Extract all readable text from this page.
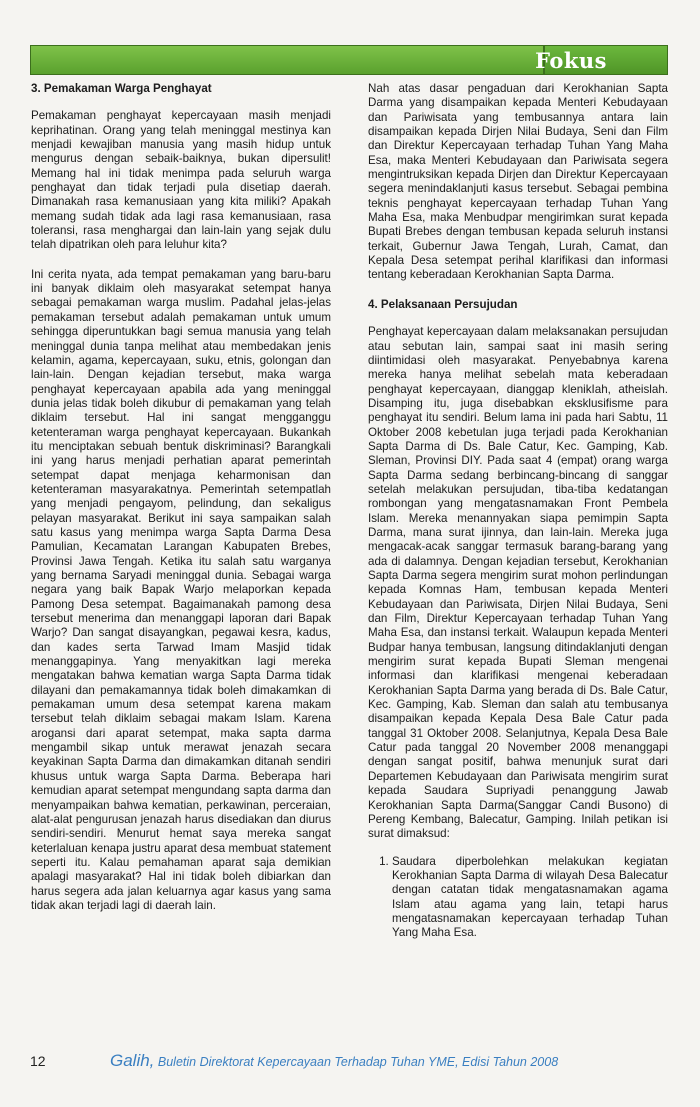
Fokus
3. Pemakaman Warga Penghayat

Pemakaman penghayat kepercayaan masih menjadi keprihatinan. Orang yang telah meninggal mestinya kan menjadi kewajiban manusia yang masih hidup untuk mengurus dengan sebaik-baiknya, bukan dipersulit! Memang hal ini tidak menimpa pada seluruh warga penghayat dan tidak terjadi pula disetiap daerah. Dimanakah rasa kemanusiaan yang kita miliki? Apakah memang sudah tidak ada lagi rasa kemanusiaan, rasa toleransi, rasa menghargai dan lain-lain yang sejak dulu telah dipatrikan oleh para leluhur kita?

Ini cerita nyata, ada tempat pemakaman yang baru-baru ini banyak diklaim oleh masyarakat setempat hanya sebagai pemakaman warga muslim. Padahal jelas-jelas pemakaman tersebut adalah pemakaman untuk umum sehingga diperuntukkan bagi semua manusia yang telah meninggal dunia tanpa melihat atau membedakan jenis kelamin, agama, kepercayaan, suku, etnis, golongan dan lain-lain. Dengan kejadian tersebut, maka warga penghayat kepercayaan apabila ada yang meninggal dunia jelas tidak boleh dikubur di pemakaman yang telah diklaim tersebut. Hal ini sangat mengganggu ketenteraman warga penghayat kepercayaan. Bukankah itu menciptakan sebuah bentuk diskriminasi? Barangkali ini yang harus menjadi perhatian aparat pemerintah setempat dapat menjaga keharmonisan dan ketenteraman masyarakatnya. Pemerintah setempatlah yang menjadi pengayom, pelindung, dan sekaligus pelayan masyarakat. Berikut ini saya sampaikan salah satu kasus yang menimpa warga Sapta Darma Desa Pamulian, Kecamatan Larangan Kabupaten Brebes, Provinsi Jawa Tengah. Ketika itu salah satu warganya yang bernama Saryadi meninggal dunia. Sebagai warga negara yang baik Bapak Warjo melaporkan kepada Pamong Desa setempat. Bagaimanakah pamong desa tersebut menerima dan menanggapi laporan dari Bapak Warjo? Dan sangat disayangkan, pegawai kesra, kadus, dan kades serta Tarwad Imam Masjid tidak menanggapinya. Yang menyakitkan lagi mereka mengatakan bahwa kematian warga Sapta Darma tidak dilayani dan pemakamannya tidak boleh dimakamkan di pemakaman umum desa setempat karena makam tersebut telah diklaim sebagai makam Islam. Karena arogansi dari aparat setempat, maka sapta darma mengambil sikap untuk merawat jenazah secara keyakinan Sapta Darma dan dimakamkan ditanah sendiri khusus untuk warga Sapta Darma. Beberapa hari kemudian aparat setempat mengundang sapta darma dan menyampaikan bahwa kematian, perkawinan, perceraian, alat-alat pengurusan jenazah harus disediakan dan diurus sendiri-sendiri. Menurut hemat saya mereka sangat keterlaluan kenapa justru aparat desa membuat statement seperti itu. Kalau pemahaman aparat saja demikian apalagi masyarakat? Hal ini tidak boleh dibiarkan dan harus segera ada jalan keluarnya agar kasus yang sama tidak akan terjadi lagi di daerah lain.

Nah atas dasar pengaduan dari Kerokhanian Sapta Darma yang disampaikan kepada Menteri Kebudayaan dan Pariwisata yang tembusannya antara lain disampaikan kepada Dirjen Nilai Budaya, Seni dan Film dan Direktur Kepercayaan terhadap Tuhan Yang Maha Esa, maka Menteri Kebudayaan dan Pariwisata segera mengintruksikan kepada Dirjen dan Direktur Kepercayaan segera menindaklanjuti kasus tersebut. Sebagai pembina teknis penghayat kepercayaan terhadap Tuhan Yang Maha Esa, maka Menbudpar mengirimkan surat kepada Bupati Brebes dengan tembusan kepada seluruh instansi terkait, Gubernur Jawa Tengah, Lurah, Camat, dan Kepala Desa setempat perihal klarifikasi dan informasi tentang keberadaan Kerokhanian Sapta Darma.

4. Pelaksanaan Persujudan

Penghayat kepercayaan dalam melaksanakan persujudan atau sebutan lain, sampai saat ini masih sering diintimidasi oleh masyarakat. Penyebabnya karena mereka hanya melihat sebelah mata keberadaan penghayat kepercayaan, dianggap klenikIah, atheislah. Disamping itu, juga disebabkan eksklusifisme para penghayat itu sendiri. Belum lama ini pada hari Sabtu, 11 Oktober 2008 kebetulan juga terjadi pada Kerokhanian Sapta Darma di Ds. Bale Catur, Kec. Gamping, Kab. Sleman, Provinsi DIY. Pada saat 4 (empat) orang warga Sapta Darma sedang berbincang-bincang di sanggar setelah melakukan persujudan, tiba-tiba kedatangan rombongan yang mengatasnamakan Front Pembela Islam. Mereka menannyakan siapa pemimpin Sapta Darma, mana surat ijinnya, dan lain-lain. Mereka juga mengacak-acak sanggar termasuk barang-barang yang ada di dalamnya. Dengan kejadian tersebut, Kerokhanian Sapta Darma segera mengirim surat mohon perlindungan kepada Komnas Ham, tembusan kepada Menteri Kebudayaan dan Pariwisata, Dirjen Nilai Budaya, Seni dan Film, Direktur Kepercayaan terhadap Tuhan Yang Maha Esa, dan instansi terkait. Walaupun kepada Menteri Budpar hanya tembusan, langsung ditindaklanjuti dengan mengirim surat kepada Bupati Sleman mengenai informasi dan klarifikasi mengenai keberadaan Kerokhanian Sapta Darma yang berada di Ds. Bale Catur, Kec. Gamping, Kab. Sleman dan salah atu tembusanya disampaikan kepada Kepala Desa Bale Catur pada tanggal 31 Oktober 2008. Selanjutnya, Kepala Desa Bale Catur pada tanggal 20 November 2008 menanggapi dengan sangat positif, bahwa menunjuk surat dari Departemen Kebudayaan dan Pariwisata mengirim surat kepada Saudara Supriyadi penanggung Jawab Kerokhanian Sapta Darma(Sanggar Candi Busono) di Pereng Kembang, Balecatur, Gamping. Inilah petikan isi surat dimaksud:

1. Saudara diperbolehkan melakukan kegiatan Kerokhanian Sapta Darma di wilayah Desa Balecatur dengan catatan tidak mengatasnamakan agama Islam atau agama yang lain, tetapi harus mengatasnamakan kepercayaan terhadap Tuhan Yang Maha Esa.
12	Galih, Buletin Direktorat Kepercayaan Terhadap Tuhan YME, Edisi Tahun 2008
